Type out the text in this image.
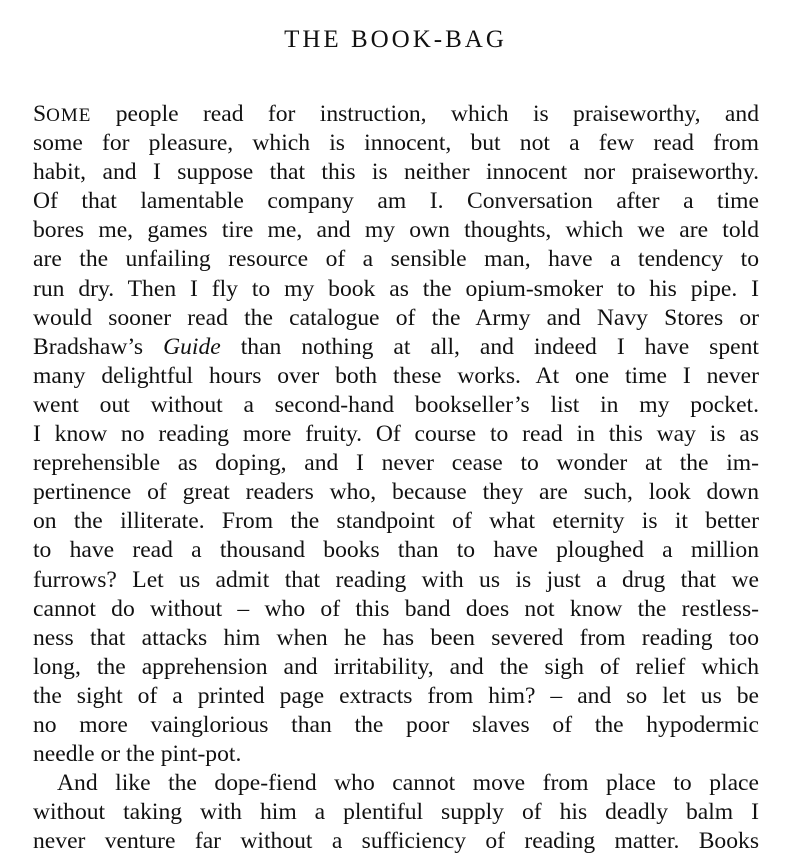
THE BOOK-BAG
SOME people read for instruction, which is praiseworthy, and
some for pleasure, which is innocent, but not a few read from
habit, and I suppose that this is neither innocent nor praiseworthy.
Of that lamentable company am I. Conversation after a time
bores me, games tire me, and my own thoughts, which we are told
are the unfailing resource of a sensible man, have a tendency to
run dry. Then I fly to my book as the opium-smoker to his pipe. I
would sooner read the catalogue of the Army and Navy Stores or
Bradshaw’s Guide than nothing at all, and indeed I have spent
many delightful hours over both these works. At one time I never
went out without a second-hand bookseller’s list in my pocket.
I know no reading more fruity. Of course to read in this way is as
reprehensible as doping, and I never cease to wonder at the im-
pertinence of great readers who, because they are such, look down
on the illiterate. From the standpoint of what eternity is it better
to have read a thousand books than to have ploughed a million
furrows? Let us admit that reading with us is just a drug that we
cannot do without – who of this band does not know the restless-
ness that attacks him when he has been severed from reading too
long, the apprehension and irritability, and the sigh of relief which
the sight of a printed page extracts from him? – and so let us be
no more vainglorious than the poor slaves of the hypodermic
needle or the pint-pot.
And like the dope-fiend who cannot move from place to place
without taking with him a plentiful supply of his deadly balm I
never venture far without a sufficiency of reading matter. Books
